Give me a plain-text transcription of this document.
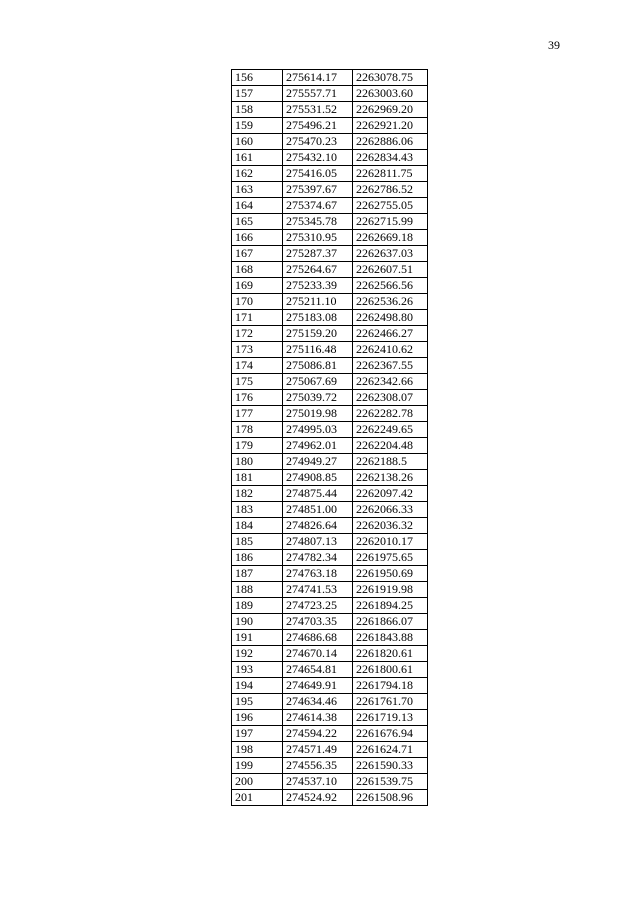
39
156	275614.17	2263078.75
157	275557.71	2263003.60
158	275531.52	2262969.20
159	275496.21	2262921.20
160	275470.23	2262886.06
161	275432.10	2262834.43
162	275416.05	2262811.75
163	275397.67	2262786.52
164	275374.67	2262755.05
165	275345.78	2262715.99
166	275310.95	2262669.18
167	275287.37	2262637.03
168	275264.67	2262607.51
169	275233.39	2262566.56
170	275211.10	2262536.26
171	275183.08	2262498.80
172	275159.20	2262466.27
173	275116.48	2262410.62
174	275086.81	2262367.55
175	275067.69	2262342.66
176	275039.72	2262308.07
177	275019.98	2262282.78
178	274995.03	2262249.65
179	274962.01	2262204.48
180	274949.27	2262188.5
181	274908.85	2262138.26
182	274875.44	2262097.42
183	274851.00	2262066.33
184	274826.64	2262036.32
185	274807.13	2262010.17
186	274782.34	2261975.65
187	274763.18	2261950.69
188	274741.53	2261919.98
189	274723.25	2261894.25
190	274703.35	2261866.07
191	274686.68	2261843.88
192	274670.14	2261820.61
193	274654.81	2261800.61
194	274649.91	2261794.18
195	274634.46	2261761.70
196	274614.38	2261719.13
197	274594.22	2261676.94
198	274571.49	2261624.71
199	274556.35	2261590.33
200	274537.10	2261539.75
201	274524.92	2261508.96
